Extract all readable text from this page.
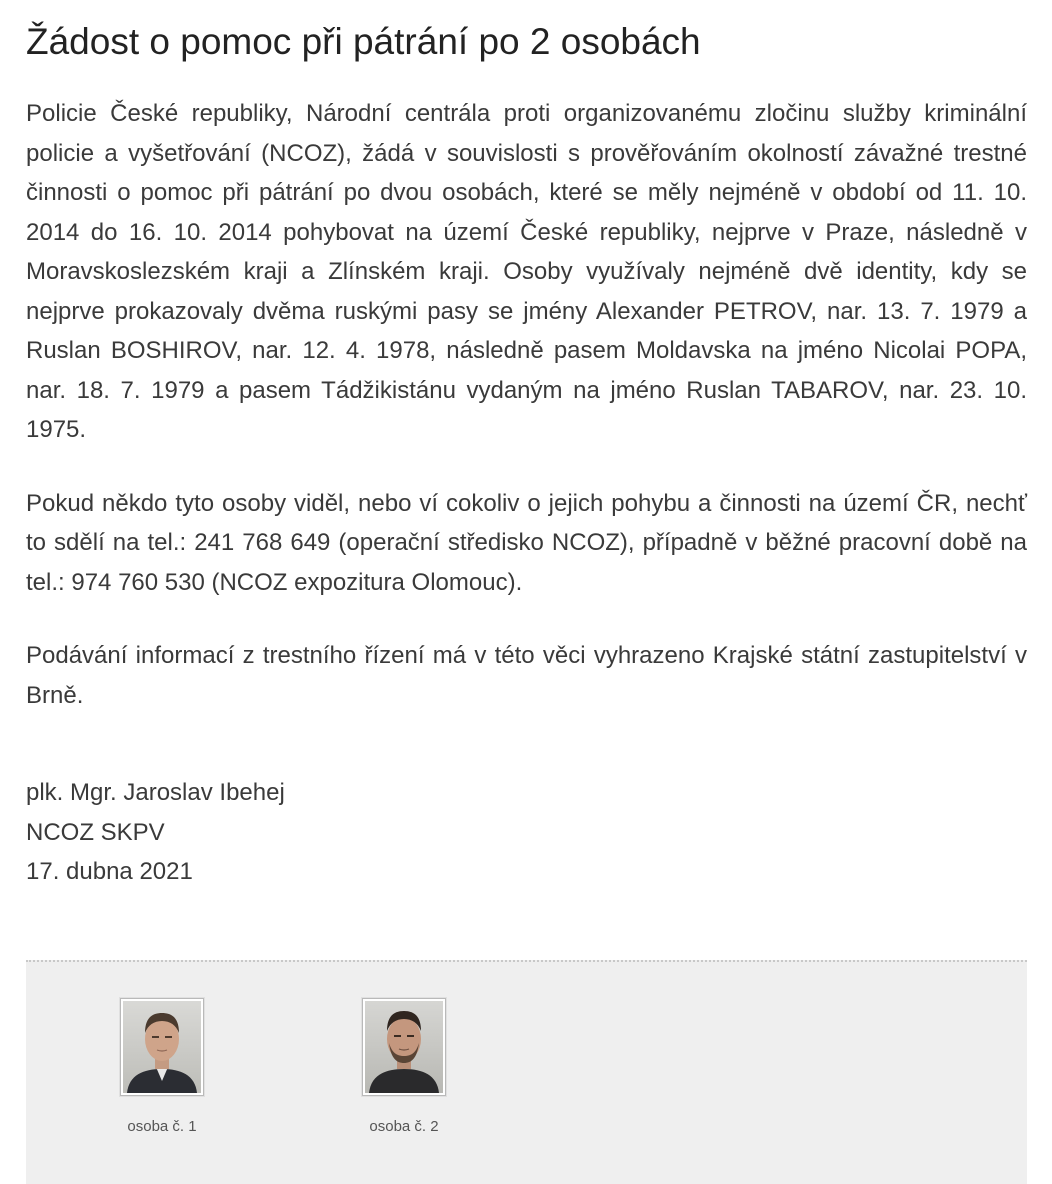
Žádost o pomoc při pátrání po 2 osobách

Policie České republiky, Národní centrála proti organizovanému zločinu služby kriminální policie a vyšetřování (NCOZ), žádá v souvislosti s prověřováním okolností závažné trestné činnosti o pomoc při pátrání po dvou osobách, které se měly nejméně v období od 11. 10. 2014 do 16. 10. 2014 pohybovat na území České republiky, nejprve v Praze, následně v Moravskoslezském kraji a Zlínském kraji. Osoby využívaly nejméně dvě identity, kdy se nejprve prokazovaly dvěma ruskými pasy se jmény Alexander PETROV, nar. 13. 7. 1979 a Ruslan BOSHIROV, nar. 12. 4. 1978, následně pasem Moldavska na jméno Nicolai POPA, nar. 18. 7. 1979 a pasem Tádžikistánu vydaným na jméno Ruslan TABAROV, nar. 23. 10. 1975.

Pokud někdo tyto osoby viděl, nebo ví cokoliv o jejich pohybu a činnosti na území ČR, nechť to sdělí na tel.: 241 768 649 (operační středisko NCOZ), případně v běžné pracovní době na tel.: 974 760 530 (NCOZ expozitura Olomouc).

Podávání informací z trestního řízení má v této věci vyhrazeno Krajské státní zastupitelství v Brně.

plk. Mgr. Jaroslav Ibehej
NCOZ SKPV
17. dubna 2021
osoba č. 1	osoba č. 2
